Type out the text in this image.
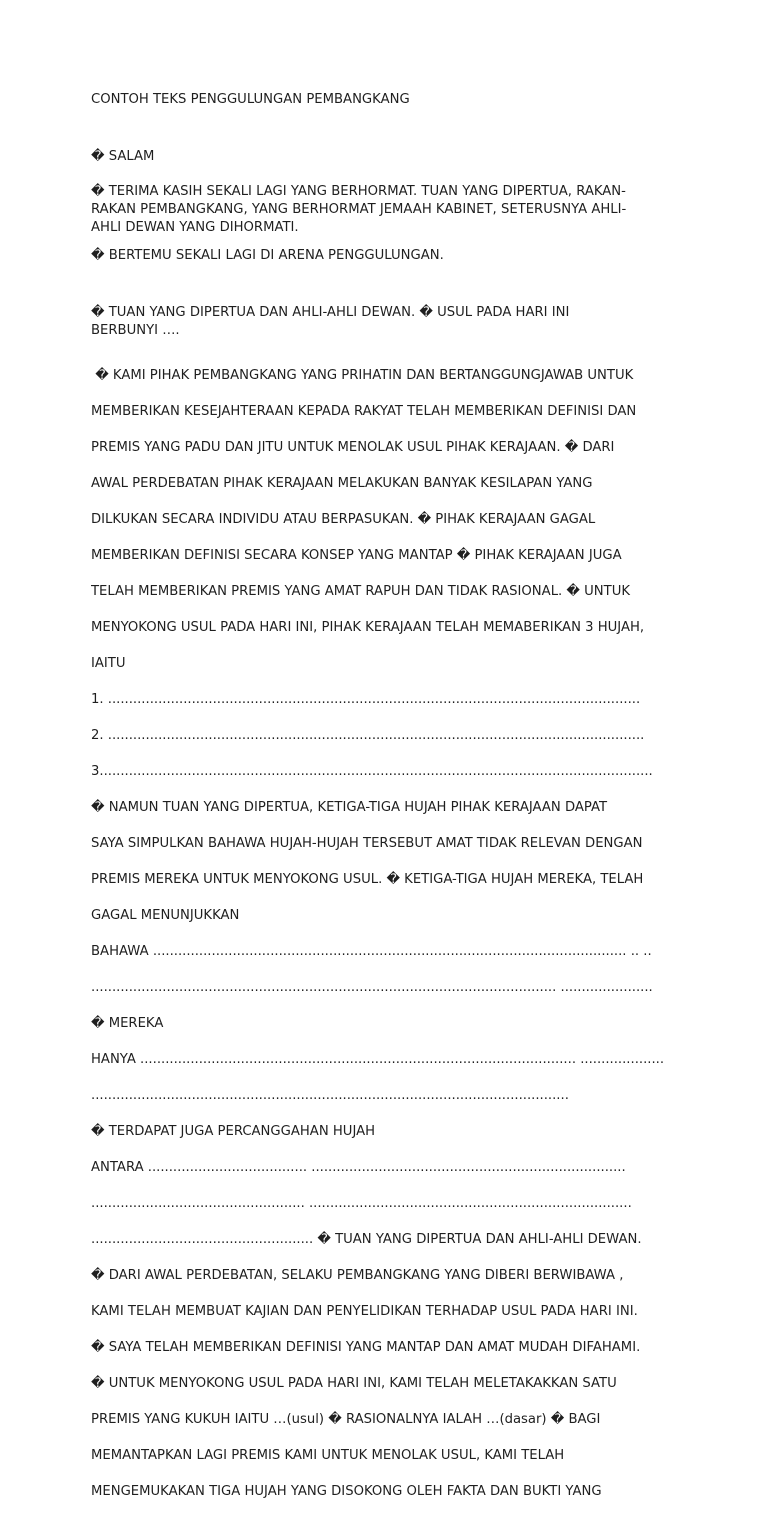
CONTOH TEKS PENGGULUNGAN PEMBANGKANG

� SALAM

� TERIMA KASIH SEKALI LAGI YANG BERHORMAT. TUAN YANG DIPERTUA, RAKAN-
RAKAN PEMBANGKANG, YANG BERHORMAT JEMAAH KABINET, SETERUSNYA AHLI-
AHLI DEWAN YANG DIHORMATI.

� BERTEMU SEKALI LAGI DI ARENA PENGGULUNGAN.

� TUAN YANG DIPERTUA DAN AHLI-AHLI DEWAN. � USUL PADA HARI INI
BERBUNYI ….

� KAMI PIHAK PEMBANGKANG YANG PRIHATIN DAN BERTANGGUNGJAWAB UNTUK

MEMBERIKAN KESEJAHTERAAN KEPADA RAKYAT TELAH MEMBERIKAN DEFINISI DAN

PREMIS YANG PADU DAN JITU UNTUK MENOLAK USUL PIHAK KERAJAAN. � DARI

AWAL PERDEBATAN PIHAK KERAJAAN MELAKUKAN BANYAK KESILAPAN YANG

DILKUKAN SECARA INDIVIDU ATAU BERPASUKAN. � PIHAK KERAJAAN GAGAL

MEMBERIKAN DEFINISI SECARA KONSEP YANG MANTAP � PIHAK KERAJAAN JUGA

TELAH MEMBERIKAN PREMIS YANG AMAT RAPUH DAN TIDAK RASIONAL. � UNTUK

MENYOKONG USUL PADA HARI INI, PIHAK KERAJAAN TELAH MEMABERIKAN 3 HUJAH,

IAITU

1. ...............................................................................................................................

2. ................................................................................................................................

3....................................................................................................................................

� NAMUN TUAN YANG DIPERTUA, KETIGA-TIGA HUJAH PIHAK KERAJAAN DAPAT

SAYA SIMPULKAN BAHAWA HUJAH-HUJAH TERSEBUT AMAT TIDAK RELEVAN DENGAN

PREMIS MEREKA UNTUK MENYOKONG USUL. � KETIGA-TIGA HUJAH MEREKA, TELAH

GAGAL MENUNJUKKAN

BAHAWA ................................................................................................................. .. ..

............................................................................................................... ......................

� MEREKA

HANYA ........................................................................................................ ....................

..................................................................................................................

� TERDAPAT JUGA PERCANGGAHAN HUJAH

ANTARA ...................................... ...........................................................................

................................................... .............................................................................

..................................................... � TUAN YANG DIPERTUA DAN AHLI-AHLI DEWAN.

� DARI AWAL PERDEBATAN, SELAKU PEMBANGKANG YANG DIBERI BERWIBAWA ,

KAMI TELAH MEMBUAT KAJIAN DAN PENYELIDIKAN TERHADAP USUL PADA HARI INI.

� SAYA TELAH MEMBERIKAN DEFINISI YANG MANTAP DAN AMAT MUDAH DIFAHAMI.

� UNTUK MENYOKONG USUL PADA HARI INI, KAMI TELAH MELETAKAKKAN SATU

PREMIS YANG KUKUH IAITU …(usul) � RASIONALNYA IALAH …(dasar) � BAGI

MEMANTAPKAN LAGI PREMIS KAMI UNTUK MENOLAK USUL, KAMI TELAH

MENGEMUKAKAN TIGA HUJAH YANG DISOKONG OLEH FAKTA DAN BUKTI YANG
